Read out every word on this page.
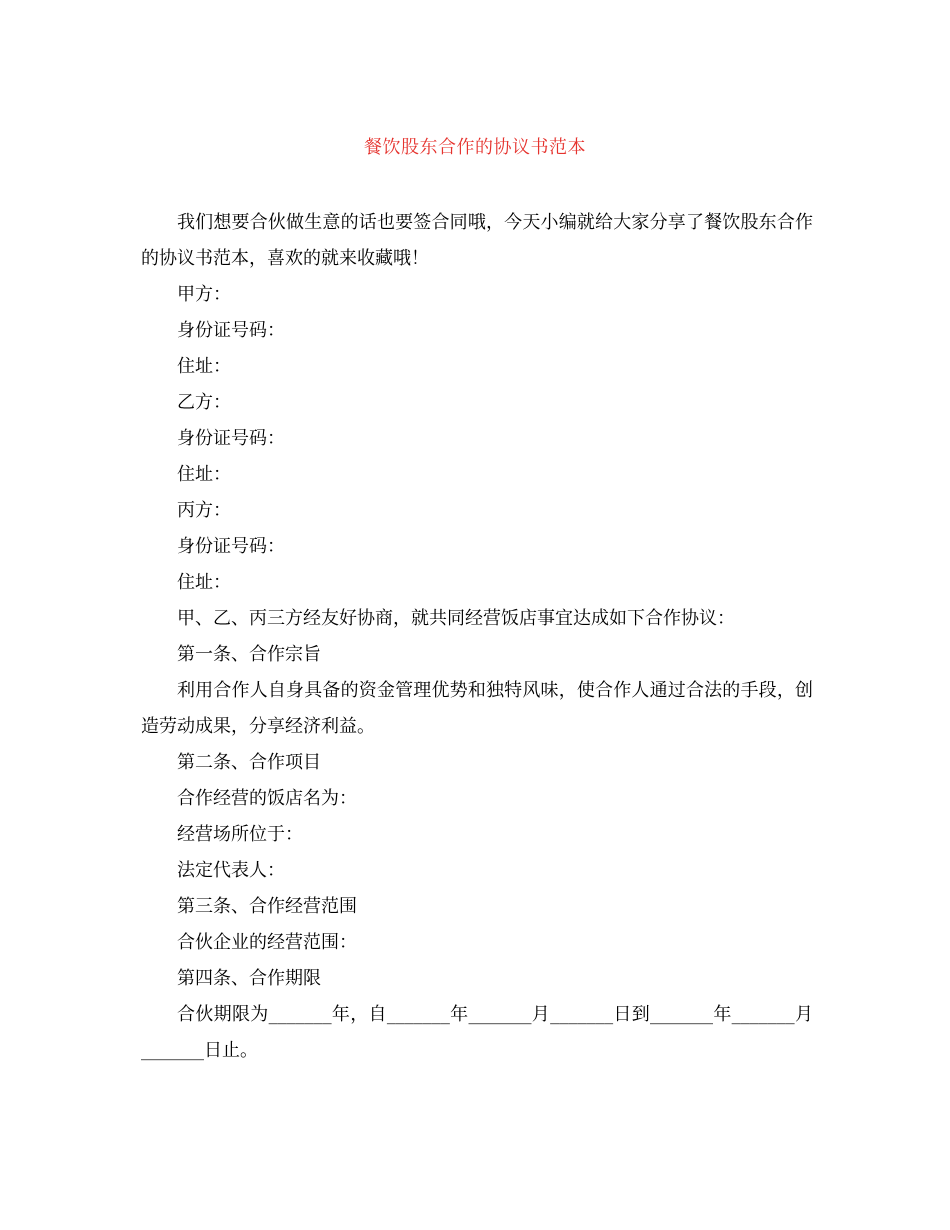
餐饮股东合作的协议书范本

我们想要合伙做生意的话也要签合同哦，今天小编就给大家分享了餐饮股东合作的协议书范本，喜欢的就来收藏哦！

甲方：

身份证号码：

住址：

乙方：

身份证号码：

住址：

丙方：

身份证号码：

住址：

甲、乙、丙三方经友好协商，就共同经营饭店事宜达成如下合作协议：

第一条、合作宗旨

利用合作人自身具备的资金管理优势和独特风味，使合作人通过合法的手段，创造劳动成果，分享经济利益。

第二条、合作项目

合作经营的饭店名为：

经营场所位于：

法定代表人：

第三条、合作经营范围

合伙企业的经营范围：

第四条、合作期限

合伙期限为_______年，自_______年_______月_______日到_______年_______月_______日止。
